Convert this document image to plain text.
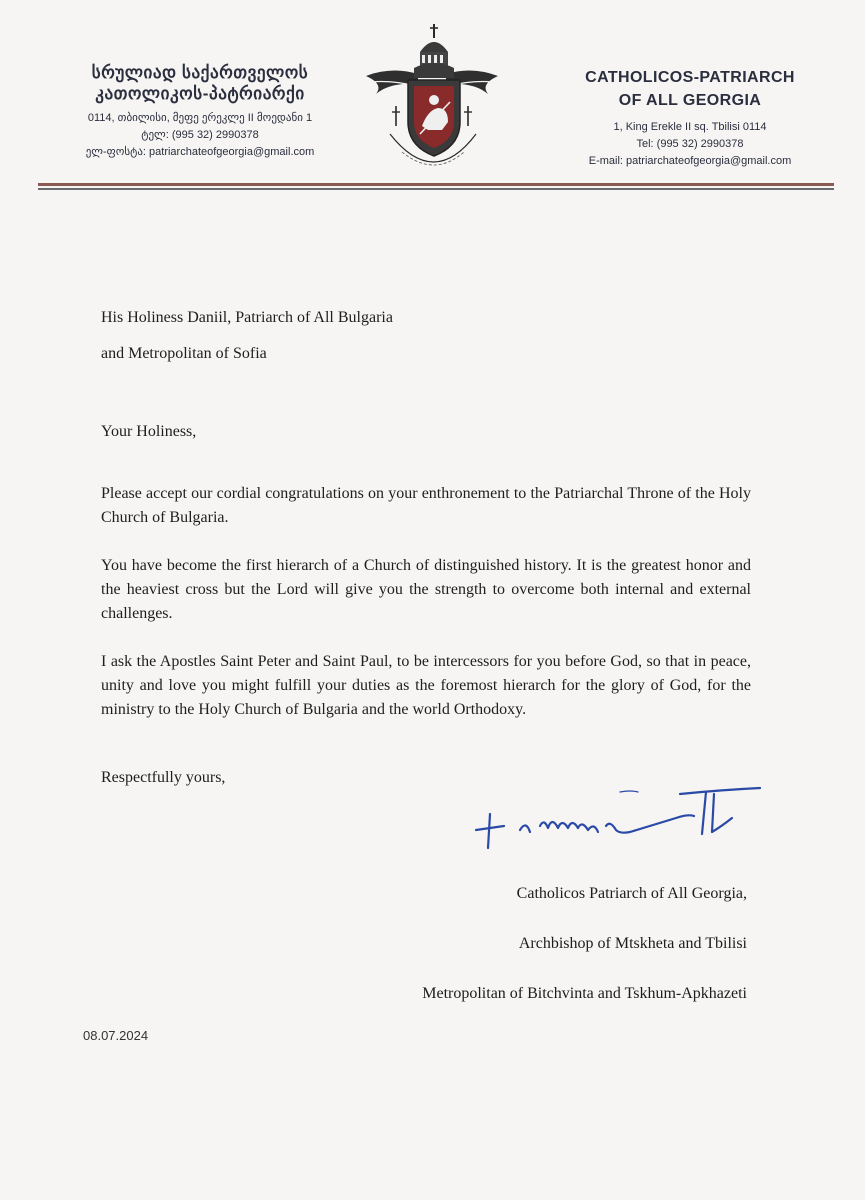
სრულიად საქართველოს
კათოლიკოს-პატრიარქი
0114, თბილისი, მეფე ერეკლე II მოედანი 1
ტელ: (995 32) 2990378
ელ-ფოსტა: patriarchateofgeorgia@gmail.com
CATHOLICOS-PATRIARCH
OF ALL GEORGIA
1, King Erekle II sq. Tbilisi 0114
Tel: (995 32) 2990378
E-mail: patriarchateofgeorgia@gmail.com
His Holiness Daniil, Patriarch of All Bulgaria
and Metropolitan of Sofia
Your Holiness,
Please accept our cordial congratulations on your enthronement to the Patriarchal Throne of the Holy Church of Bulgaria.
You have become the first hierarch of a Church of distinguished history. It is the greatest honor and the heaviest cross but the Lord will give you the strength to overcome both internal and external challenges.
I ask the Apostles Saint Peter and Saint Paul, to be intercessors for you before God, so that in peace, unity and love you might fulfill your duties as the foremost hierarch for the glory of God, for the ministry to the Holy Church of Bulgaria and the world Orthodoxy.
Respectfully yours,
Catholicos Patriarch of All Georgia,
Archbishop of Mtskheta and Tbilisi
Metropolitan of Bitchvinta and Tskhum-Apkhazeti
08.07.2024
